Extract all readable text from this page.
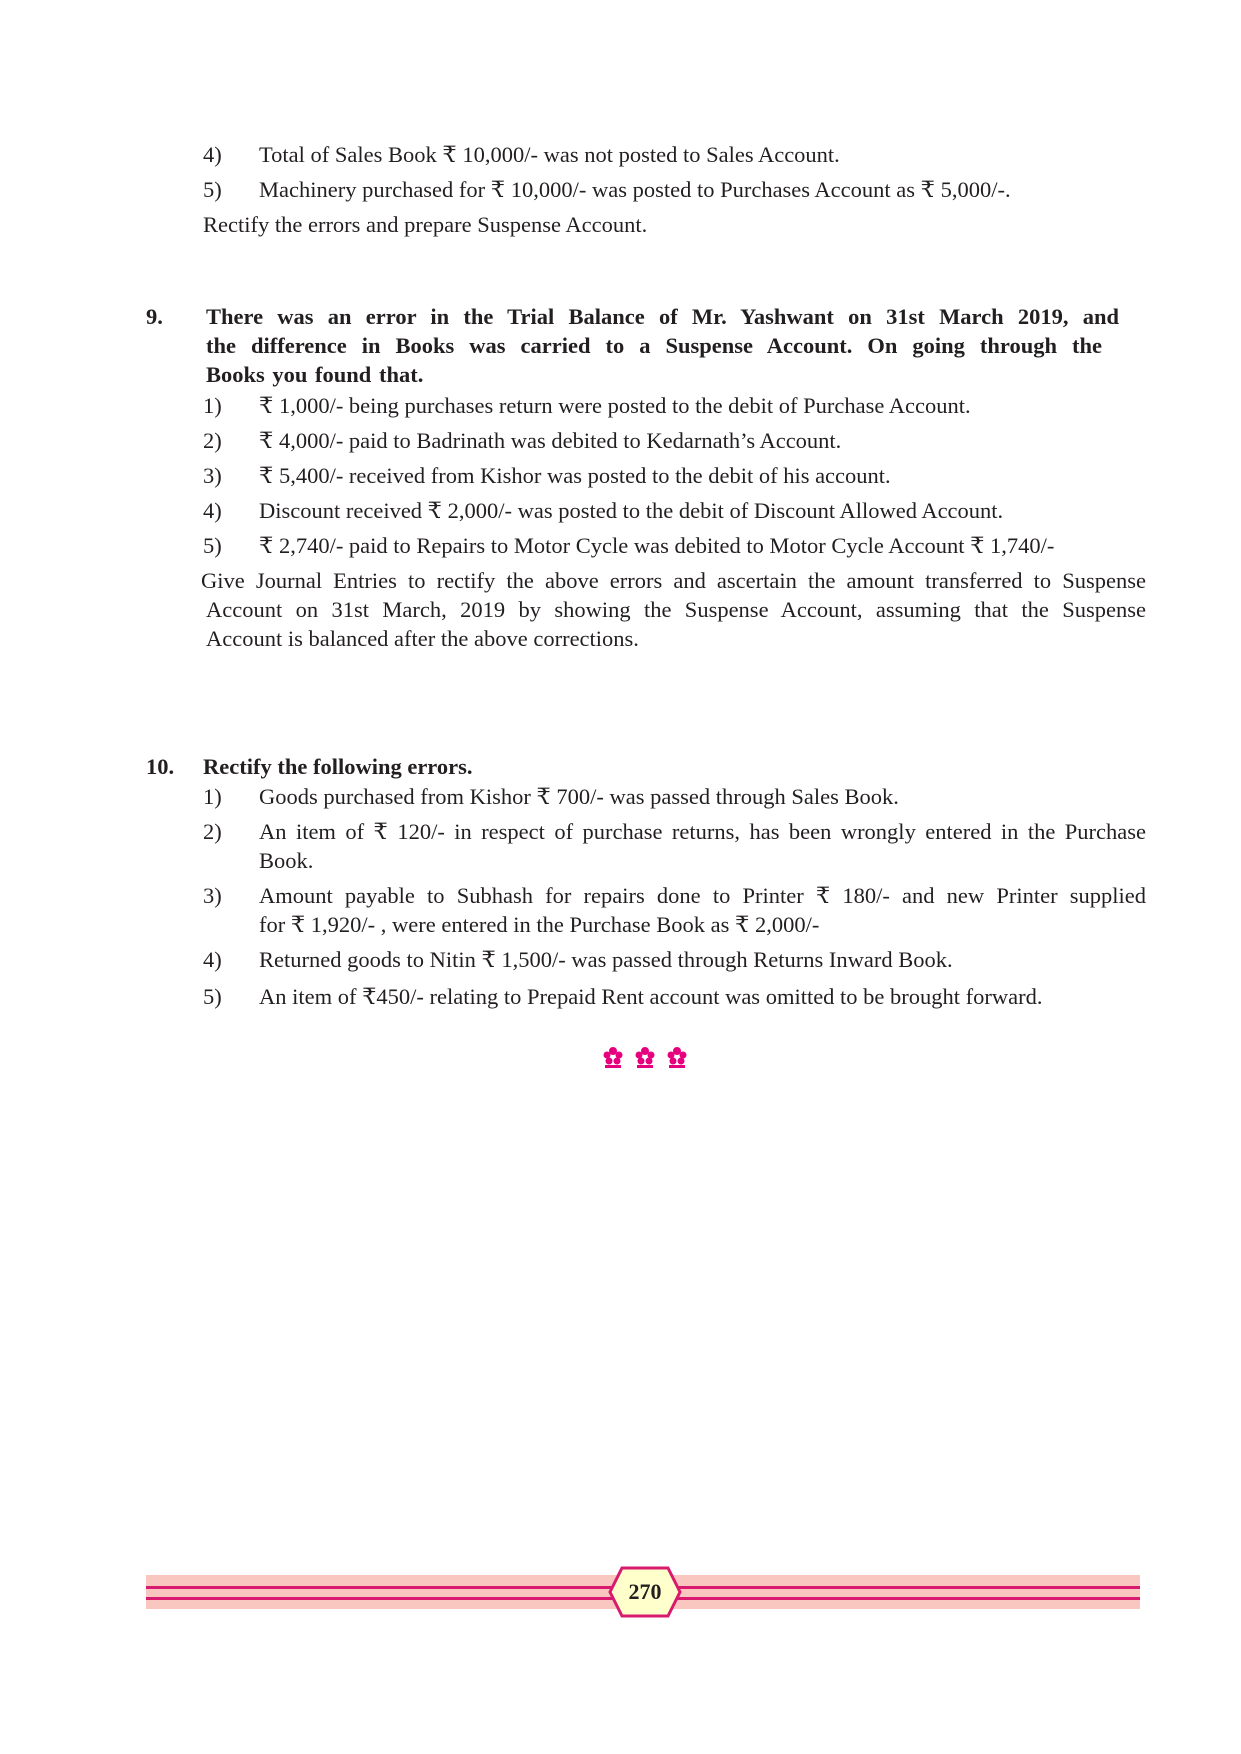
4) Total of Sales Book ₹ 10,000/- was not posted to Sales Account.
5) Machinery purchased for ₹ 10,000/- was posted to Purchases Account as ₹ 5,000/-.
Rectify the errors and prepare Suspense Account.
9. There was an error in the Trial Balance of Mr. Yashwant on 31st March 2019, and
the difference in Books was carried to a Suspense Account. On going through the
Books you found that.
1) ₹ 1,000/- being purchases return were posted to the debit of Purchase Account.
2) ₹ 4,000/- paid to Badrinath was debited to Kedarnath’s Account.
3) ₹ 5,400/- received from Kishor was posted to the debit of his account.
4) Discount received ₹ 2,000/- was posted to the debit of Discount Allowed Account.
5) ₹ 2,740/- paid to Repairs to Motor Cycle was debited to Motor Cycle Account ₹ 1,740/-
Give Journal Entries to rectify the above errors and ascertain the amount transferred to Suspense
Account on 31st March, 2019 by showing the Suspense Account, assuming that the Suspense
Account is balanced after the above corrections.
10. Rectify the following errors.
1) Goods purchased from Kishor ₹ 700/- was passed through Sales Book.
2) An item of ₹ 120/- in respect of purchase returns, has been wrongly entered in the Purchase
Book.
3) Amount payable to Subhash for repairs done to Printer ₹ 180/- and new Printer supplied
for ₹ 1,920/- , were entered in the Purchase Book as ₹ 2,000/-
4) Returned goods to Nitin ₹ 1,500/- was passed through Returns Inward Book.
5) An item of ₹450/- relating to Prepaid Rent account was omitted to be brought forward.
270
